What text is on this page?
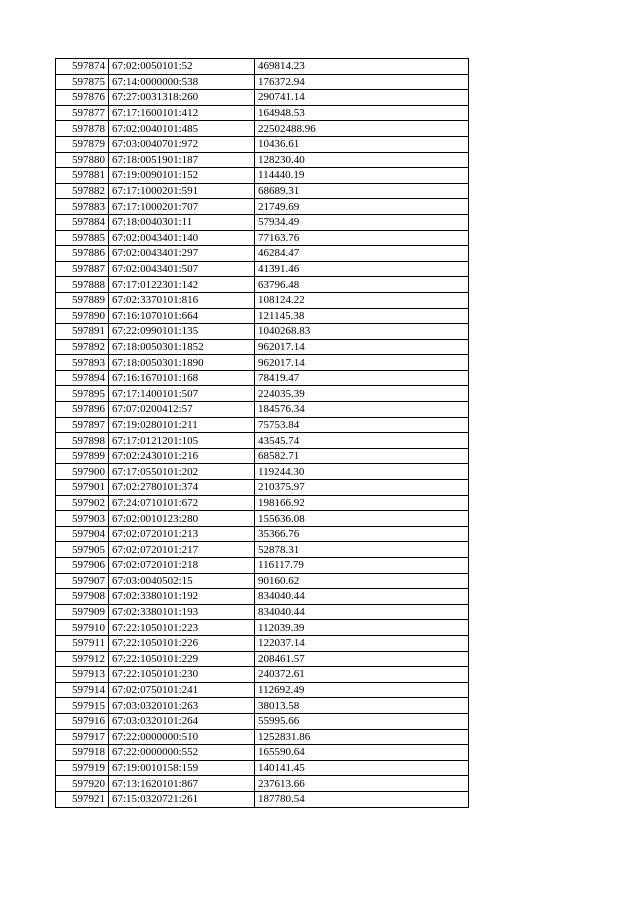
597874	67:02:0050101:52	469814.23
597875	67:14:0000000:538	176372.94
597876	67:27:0031318:260	290741.14
597877	67:17:1600101:412	164948.53
597878	67:02:0040101:485	22502488.96
597879	67:03:0040701:972	10436.61
597880	67:18:0051901:187	128230.40
597881	67:19:0090101:152	114440.19
597882	67:17:1000201:591	68689.31
597883	67:17:1000201:707	21749.69
597884	67:18:0040301:11	57934.49
597885	67:02:0043401:140	77163.76
597886	67:02:0043401:297	46284.47
597887	67:02:0043401:507	41391.46
597888	67:17:0122301:142	63796.48
597889	67:02:3370101:816	108124.22
597890	67:16:1070101:664	121145.38
597891	67:22:0990101:135	1040268.83
597892	67:18:0050301:1852	962017.14
597893	67:18:0050301:1890	962017.14
597894	67:16:1670101:168	78419.47
597895	67:17:1400101:507	224035.39
597896	67:07:0200412:57	184576.34
597897	67:19:0280101:211	75753.84
597898	67:17:0121201:105	43545.74
597899	67:02:2430101:216	68582.71
597900	67:17:0550101:202	119244.30
597901	67:02:2780101:374	210375.97
597902	67:24:0710101:672	198166.92
597903	67:02:0010123:280	155636.08
597904	67:02:0720101:213	35366.76
597905	67:02:0720101:217	52878.31
597906	67:02:0720101:218	116117.79
597907	67:03:0040502:15	90160.62
597908	67:02:3380101:192	834040.44
597909	67:02:3380101:193	834040.44
597910	67:22:1050101:223	112039.39
597911	67:22:1050101:226	122037.14
597912	67:22:1050101:229	208461.57
597913	67:22:1050101:230	240372.61
597914	67:02:0750101:241	112692.49
597915	67:03:0320101:263	38013.58
597916	67:03:0320101:264	55995.66
597917	67:22:0000000:510	1252831.86
597918	67:22:0000000:552	165590.64
597919	67:19:0010158:159	140141.45
597920	67:13:1620101:867	237613.66
597921	67:15:0320721:261	187780.54
